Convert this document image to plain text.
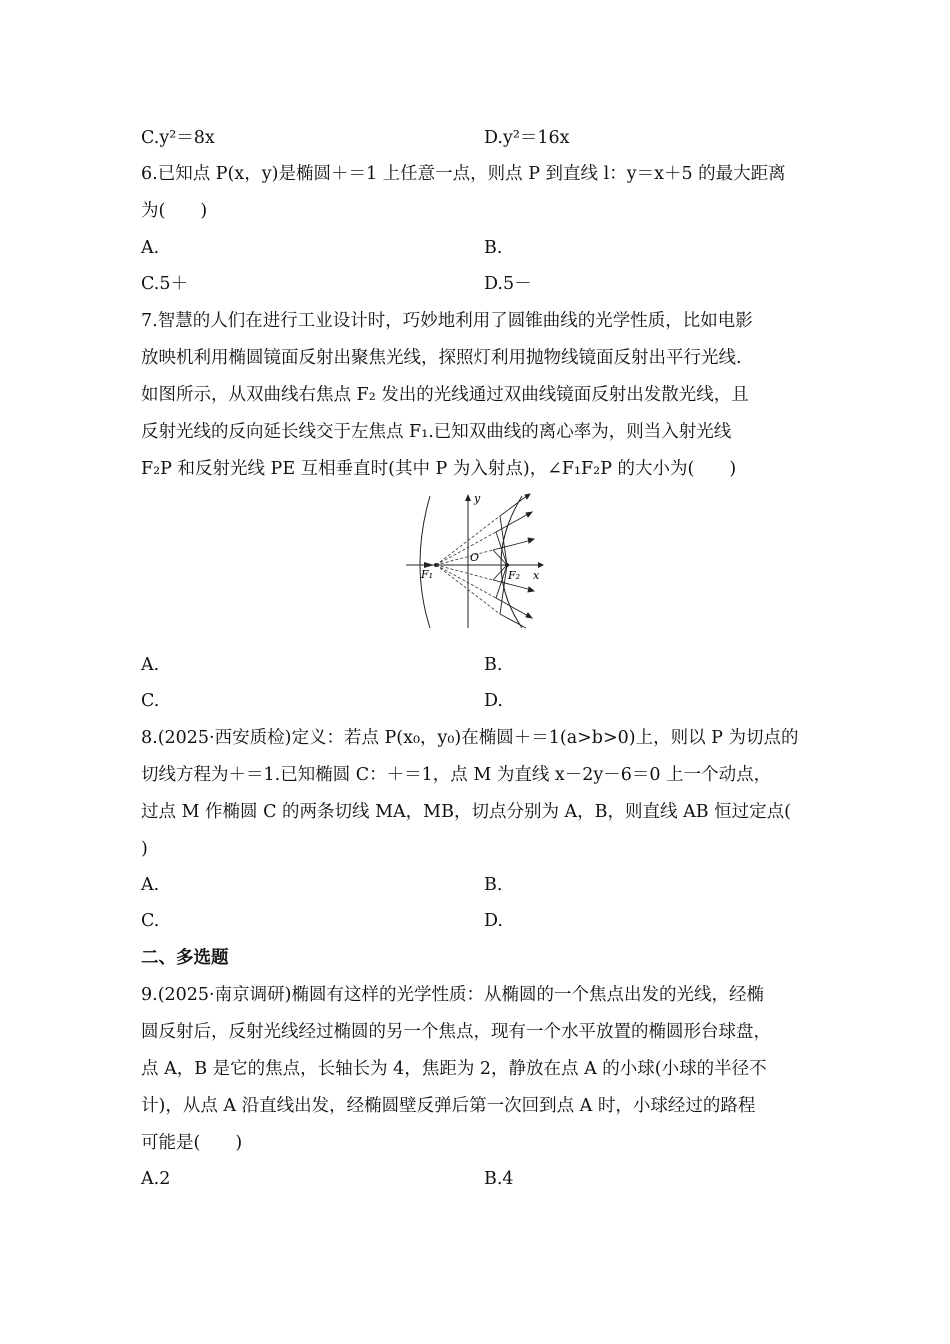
C.y²＝8x	D.y²＝16x
6.已知点 P(x，y)是椭圆＋＝1 上任意一点，则点 P 到直线 l：y＝x＋5 的最大距离
为(　　)
A.	B.
C.5＋	D.5－
7.智慧的人们在进行工业设计时，巧妙地利用了圆锥曲线的光学性质，比如电影
放映机利用椭圆镜面反射出聚焦光线，探照灯利用抛物线镜面反射出平行光线.
如图所示，从双曲线右焦点 F₂ 发出的光线通过双曲线镜面反射出发散光线，且
反射光线的反向延长线交于左焦点 F₁.已知双曲线的离心率为，则当入射光线
F₂P 和反射光线 PE 互相垂直时(其中 P 为入射点)，∠F₁F₂P 的大小为(　　)
y
x
O
F₁	F₂
A.	B.
C.	D.
8.(2025·西安质检)定义：若点 P(x₀，y₀)在椭圆＋＝1(a>b>0)上，则以 P 为切点的
切线方程为＋＝1.已知椭圆 C：＋＝1，点 M 为直线 x－2y－6＝0 上一个动点，
过点 M 作椭圆 C 的两条切线 MA，MB，切点分别为 A，B，则直线 AB 恒过定点(
)
A.	B.
C.	D.
二、多选题
9.(2025·南京调研)椭圆有这样的光学性质：从椭圆的一个焦点出发的光线，经椭
圆反射后，反射光线经过椭圆的另一个焦点，现有一个水平放置的椭圆形台球盘，
点 A，B 是它的焦点，长轴长为 4，焦距为 2，静放在点 A 的小球(小球的半径不
计)，从点 A 沿直线出发，经椭圆壁反弹后第一次回到点 A 时，小球经过的路程
可能是(　　)
A.2	B.4
